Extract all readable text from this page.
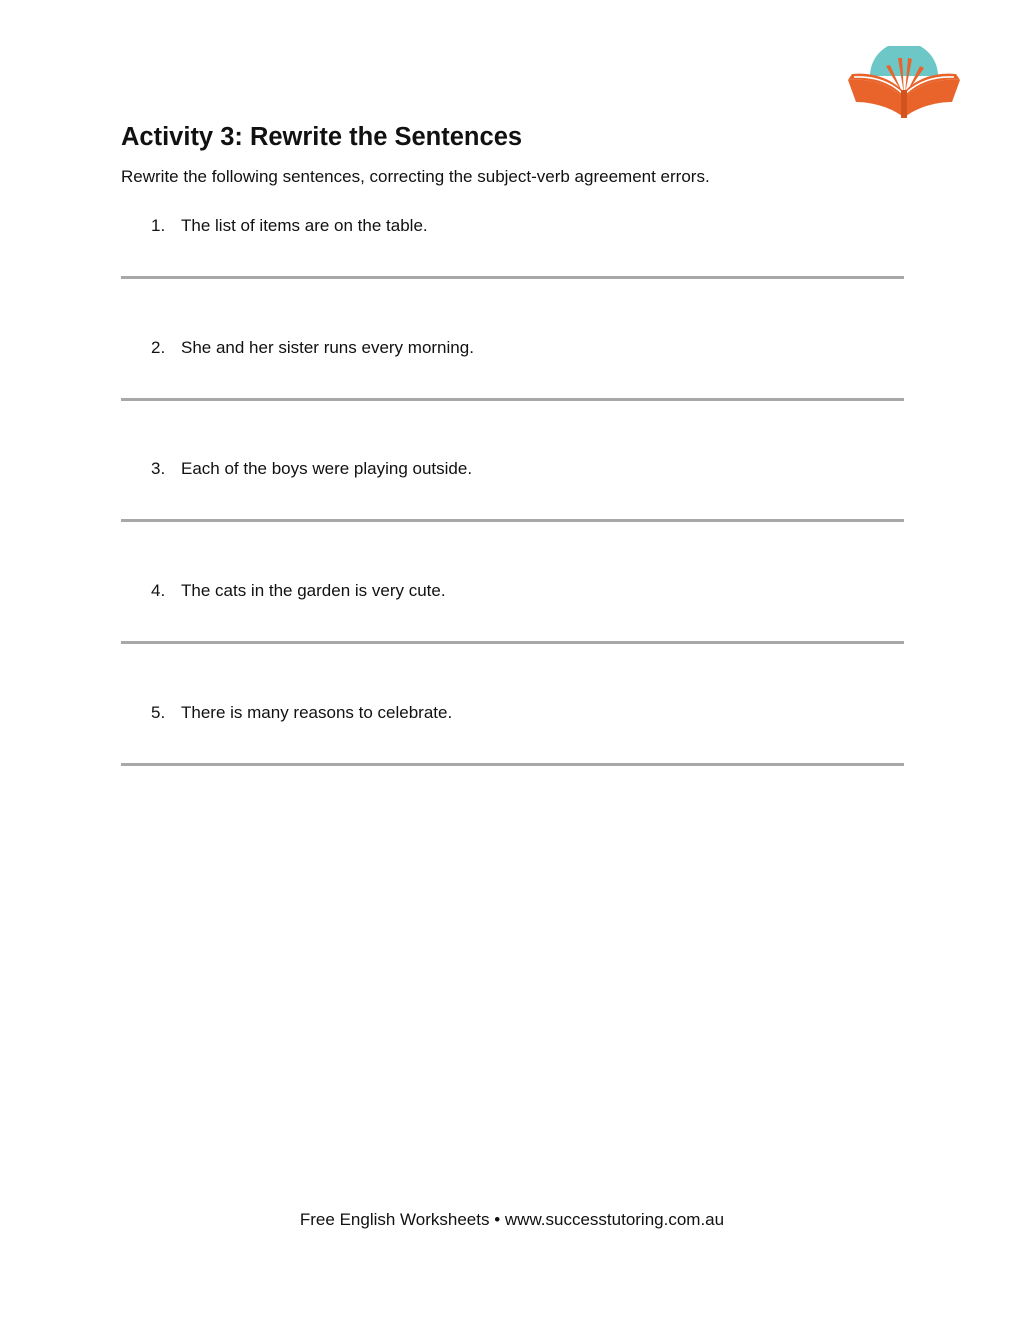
Activity 3: Rewrite the Sentences

Rewrite the following sentences, correcting the subject-verb agreement errors.

1. The list of items are on the table.
2. She and her sister runs every morning.
3. Each of the boys were playing outside.
4. The cats in the garden is very cute.
5. There is many reasons to celebrate.
Free English Worksheets • www.successtutoring.com.au
